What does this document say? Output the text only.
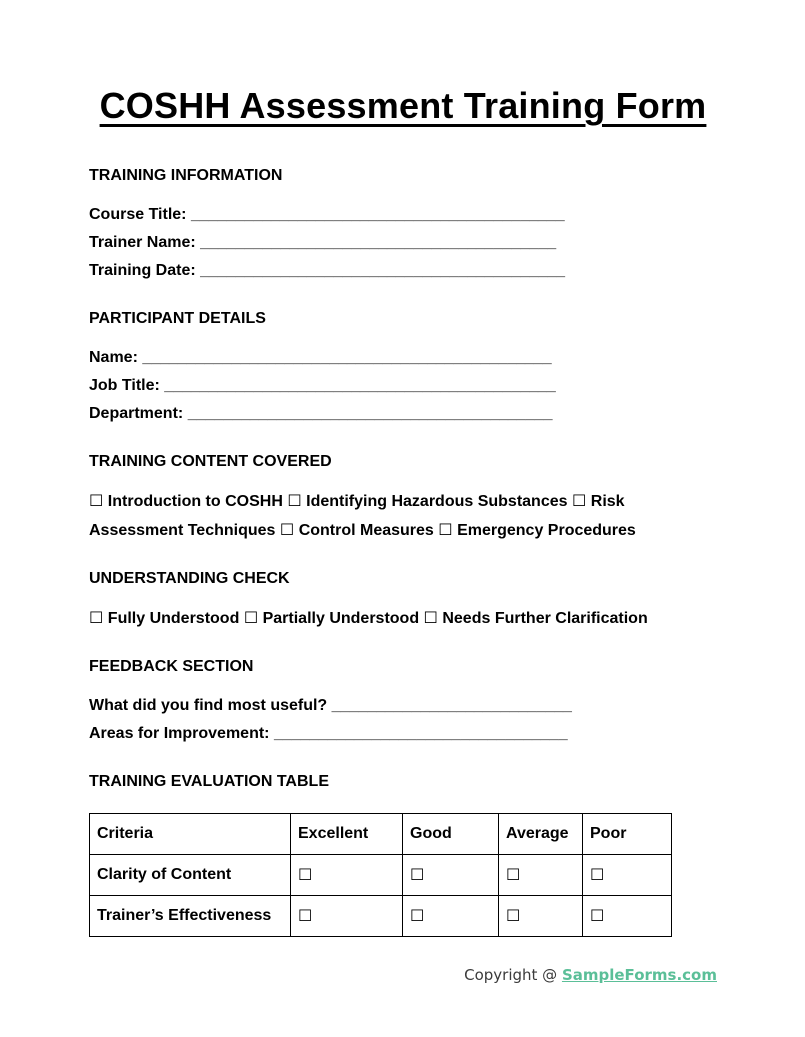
COSHH Assessment Training Form

TRAINING INFORMATION

Course Title: __________________________________________

Trainer Name: ________________________________________

Training Date: _________________________________________

PARTICIPANT DETAILS

Name: ______________________________________________

Job Title: ____________________________________________

Department: _________________________________________

TRAINING CONTENT COVERED

☐ Introduction to COSHH ☐ Identifying Hazardous Substances ☐ Risk Assessment Techniques ☐ Control Measures ☐ Emergency Procedures

UNDERSTANDING CHECK

☐ Fully Understood ☐ Partially Understood ☐ Needs Further Clarification

FEEDBACK SECTION

What did you find most useful? ___________________________

Areas for Improvement: _________________________________

TRAINING EVALUATION TABLE

Criteria	Excellent	Good	Average	Poor
Clarity of Content	☐	☐	☐	☐
Trainer’s Effectiveness	☐	☐	☐	☐

Copyright @ SampleForms.com
